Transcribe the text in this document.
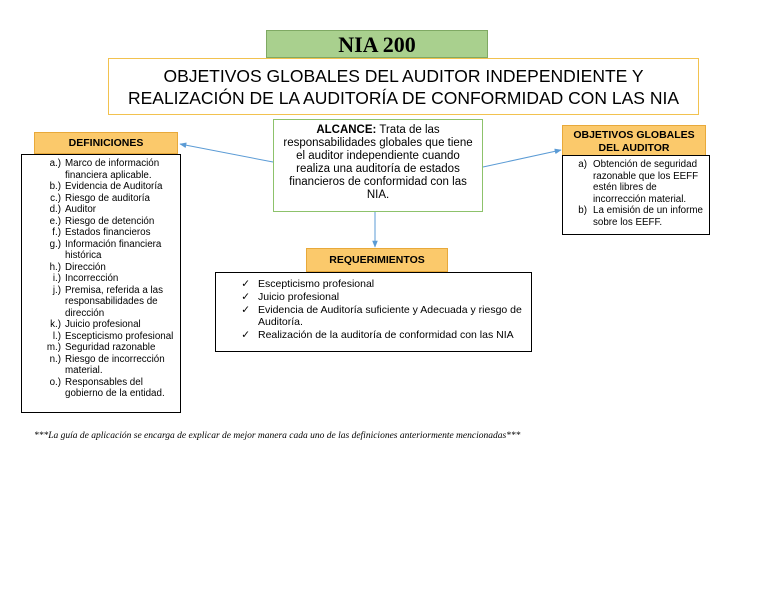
NIA 200
OBJETIVOS GLOBALES DEL AUDITOR INDEPENDIENTE Y
REALIZACIÓN DE LA AUDITORÍA DE CONFORMIDAD CON LAS NIA
DEFINICIONES
a.) Marco de información financiera aplicable.
b.) Evidencia de Auditoría
c.) Riesgo de auditoría
d.) Auditor
e.) Riesgo de detención
f.) Estados financieros
g.) Información financiera histórica
h.) Dirección
i.) Incorrección
j.) Premisa, referida a las responsabilidades de dirección
k.) Juicio profesional
l.) Escepticismo profesional
m.) Seguridad razonable
n.) Riesgo de incorrección material.
o.) Responsables del gobierno de la entidad.
ALCANCE: Trata de las responsabilidades globales que tiene el auditor independiente cuando realiza una auditoría de estados financieros de conformidad con las NIA.
OBJETIVOS GLOBALES
DEL AUDITOR
a) Obtención de seguridad razonable que los EEFF estén libres de incorrección material.
b) La emisión de un informe sobre los EEFF.
REQUERIMIENTOS
✓ Escepticismo profesional
✓ Juicio profesional
✓ Evidencia de Auditoría suficiente y Adecuada y riesgo de Auditoría.
✓ Realización de la auditoría de conformidad con las NIA
***La guía de aplicación se encarga de explicar de mejor manera cada uno de las definiciones anteriormente mencionadas***
